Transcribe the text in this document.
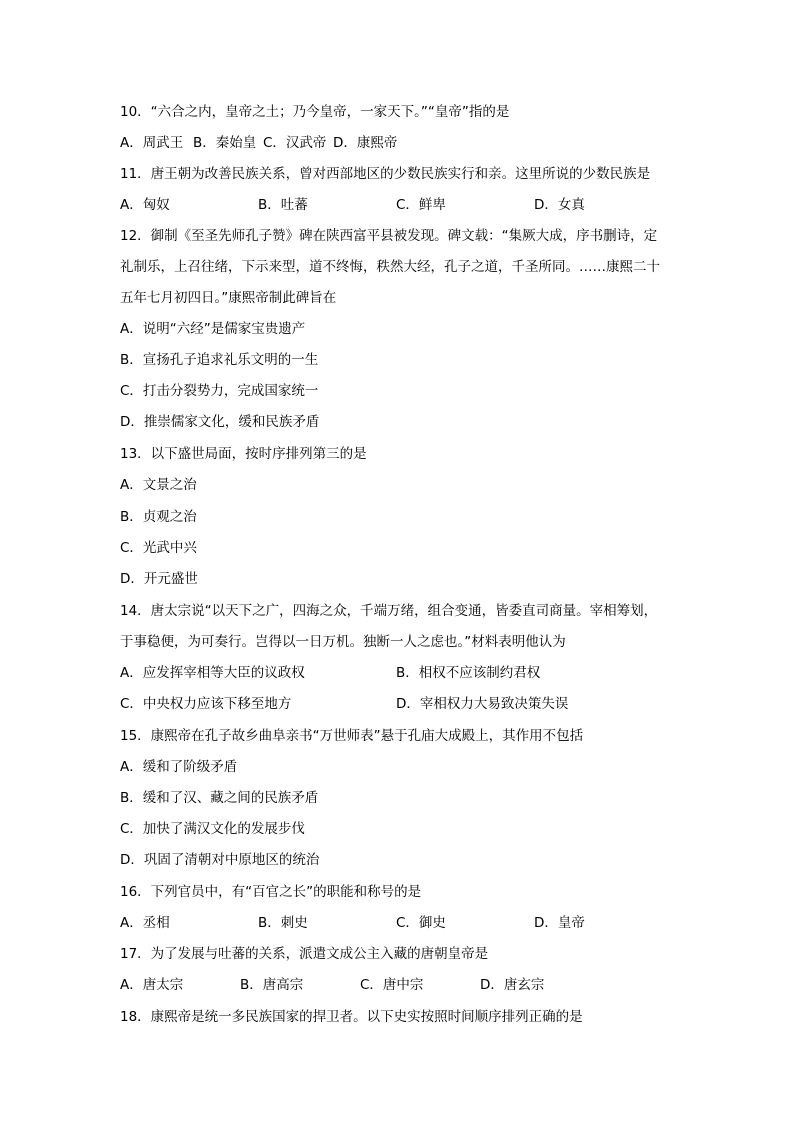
10．“六合之内，皇帝之土；乃今皇帝，一家天下。”“皇帝”指的是
A．周武王 B．秦始皇 C．汉武帝 D．康熙帝
11．唐王朝为改善民族关系，曾对西部地区的少数民族实行和亲。这里所说的少数民族是
A．匈奴	B．吐蕃	C．鲜卑	D．女真
12．御制《至圣先师孔子赞》碑在陕西富平县被发现。碑文载：“集厥大成，序书删诗，定
礼制乐，上召往绪，下示来型，道不终悔，秩然大经，孔子之道，千圣所同。……康熙二十
五年七月初四日。”康熙帝制此碑旨在
A．说明“六经”是儒家宝贵遗产
B．宣扬孔子追求礼乐文明的一生
C．打击分裂势力，完成国家统一
D．推崇儒家文化，缓和民族矛盾
13．以下盛世局面，按时序排列第三的是
A．文景之治
B．贞观之治
C．光武中兴
D．开元盛世
14．唐太宗说“以天下之广，四海之众，千端万绪，组合变通，皆委直司商量。宰相筹划，
于事稳便，为可奏行。岂得以一日万机。独断一人之虑也。”材料表明他认为
A．应发挥宰相等大臣的议政权	B．相权不应该制约君权
C．中央权力应该下移至地方	D．宰相权力大易致决策失误
15．康熙帝在孔子故乡曲阜亲书“万世师表”悬于孔庙大成殿上，其作用不包括
A．缓和了阶级矛盾
B．缓和了汉、藏之间的民族矛盾
C．加快了满汉文化的发展步伐
D．巩固了清朝对中原地区的统治
16．下列官员中，有“百官之长”的职能和称号的是
A．丞相	B．刺史	C．御史	D．皇帝
17．为了发展与吐蕃的关系，派遣文成公主入藏的唐朝皇帝是
A．唐太宗	B．唐高宗	C．唐中宗	D．唐玄宗
18．康熙帝是统一多民族国家的捍卫者。以下史实按照时间顺序排列正确的是
